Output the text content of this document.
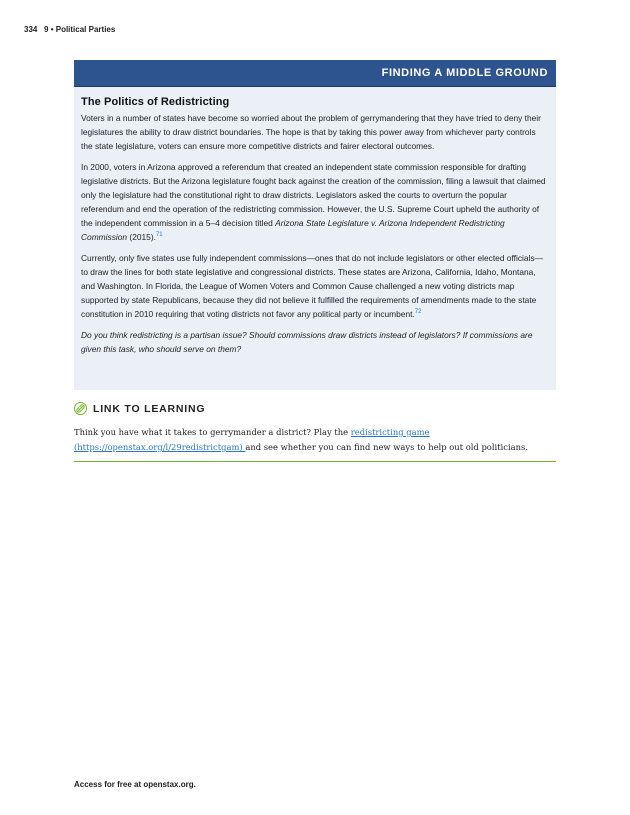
334 9 • Political Parties
FINDING A MIDDLE GROUND
The Politics of Redistricting

Voters in a number of states have become so worried about the problem of gerrymandering that they have tried to deny their legislatures the ability to draw district boundaries. The hope is that by taking this power away from whichever party controls the state legislature, voters can ensure more competitive districts and fairer electoral outcomes.

In 2000, voters in Arizona approved a referendum that created an independent state commission responsible for drafting legislative districts. But the Arizona legislature fought back against the creation of the commission, filing a lawsuit that claimed only the legislature had the constitutional right to draw districts. Legislators asked the courts to overturn the popular referendum and end the operation of the redistricting commission. However, the U.S. Supreme Court upheld the authority of the independent commission in a 5–4 decision titled Arizona State Legislature v. Arizona Independent Redistricting Commission (2015).$^{71}$

Currently, only five states use fully independent commissions—ones that do not include legislators or other elected officials—to draw the lines for both state legislative and congressional districts. These states are Arizona, California, Idaho, Montana, and Washington. In Florida, the League of Women Voters and Common Cause challenged a new voting districts map supported by state Republicans, because they did not believe it fulfilled the requirements of amendments made to the state constitution in 2010 requiring that voting districts not favor any political party or incumbent.$^{72}$

Do you think redistricting is a partisan issue? Should commissions draw districts instead of legislators? If commissions are given this task, who should serve on them?

LINK TO LEARNING

Think you have what it takes to gerrymander a district? Play the redistricting game (https://openstax.org/l/29redistrictgam) and see whether you can find new ways to help out old politicians.

Access for free at openstax.org.
